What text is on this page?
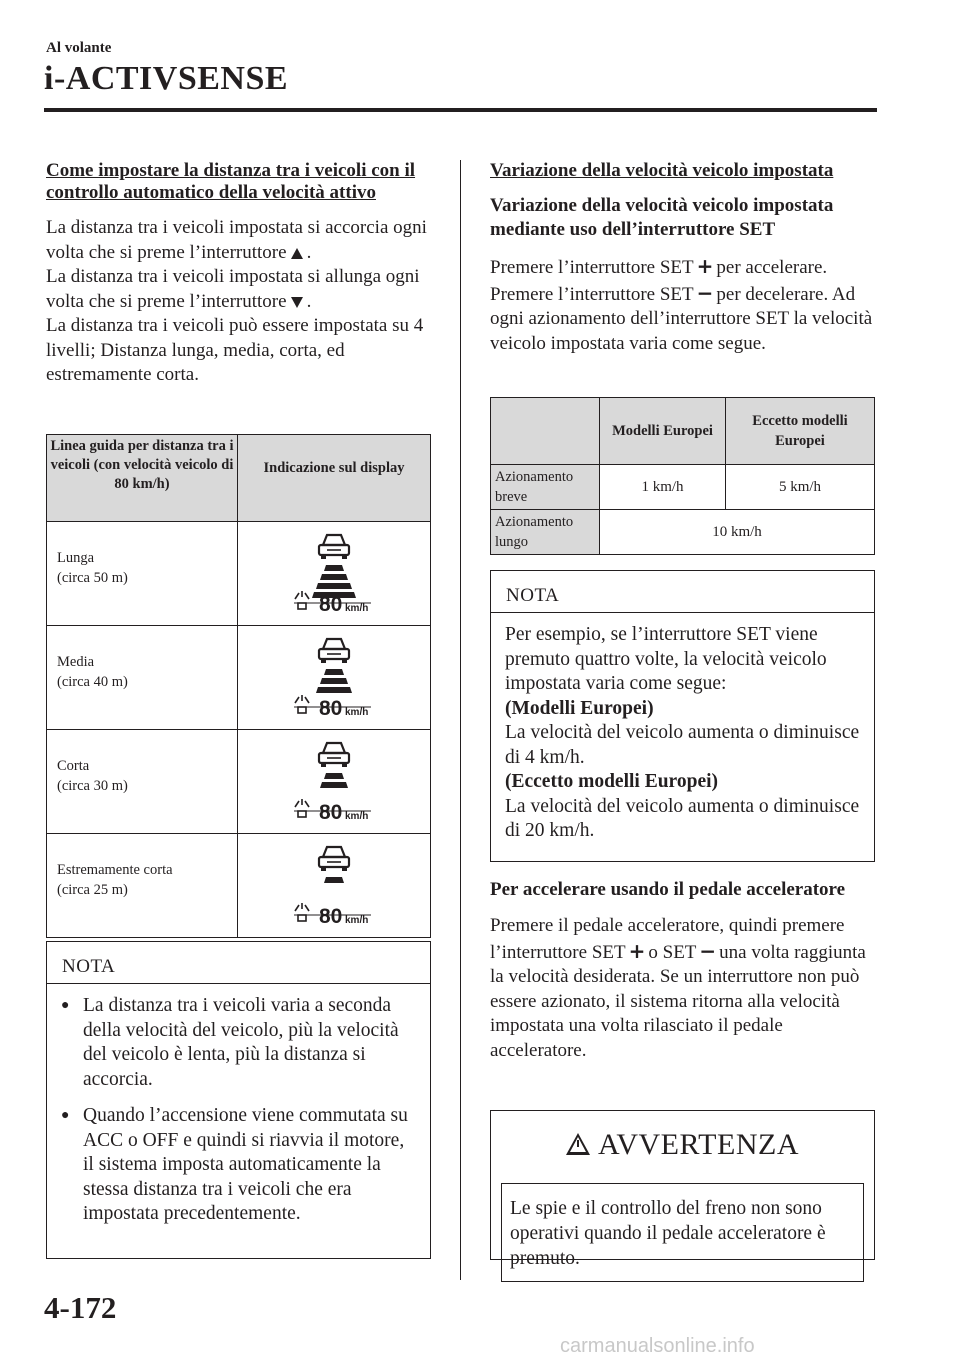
Al volante
i-ACTIVSENSE
Come impostare la distanza tra i veicoli con il controllo automatico della velocità attivo

La distanza tra i veicoli impostata si accorcia ogni volta che si preme l’interruttore .

La distanza tra i veicoli impostata si allunga ogni volta che si preme l’interruttore .

La distanza tra i veicoli può essere impostata su 4 livelli; Distanza lunga, media, corta, ed estremamente corta.

Linea guida per distanza tra i veicoli (con velocità veicolo di 80 km/h)	Indicazione sul display
Lunga
(circa 50 m)	80 km/h

Media
(circa 40 m)	80 km/h

Corta
(circa 30 m)	80 km/h

Estremamente corta
(circa 25 m)	80 km/h
NOTA
● La distanza tra i veicoli varia a seconda della velocità del veicolo, più la velocità del veicolo è lenta, più la distanza si accorcia.
● Quando l’accensione viene commutata su ACC o OFF e quindi si riavvia il motore, il sistema imposta automaticamente la stessa distanza tra i veicoli che era impostata precedentemente.
Variazione della velocità veicolo impostata
Variazione della velocità veicolo impostata mediante uso dell’interruttore SET

Premere l’interruttore SET + per accelerare. Premere l’interruttore SET − per decelerare. Ad ogni azionamento dell’interruttore SET la velocità veicolo impostata varia come segue.

	Modelli Europei	Eccetto modelli Europei
Azionamento breve	1 km/h	5 km/h
Azionamento lungo	10 km/h	
NOTA

Per esempio, se l’interruttore SET viene premuto quattro volte, la velocità veicolo impostata varia come segue:

(Modelli Europei)

La velocità del veicolo aumenta o diminuisce di 4 km/h.

(Eccetto modelli Europei)

La velocità del veicolo aumenta o diminuisce di 20 km/h.

Per accelerare usando il pedale acceleratore

Premere il pedale acceleratore, quindi premere l’interruttore SET + o SET − una volta raggiunta la velocità desiderata. Se un interruttore non può essere azionato, il sistema ritorna alla velocità impostata una volta rilasciato il pedale acceleratore.

AVVERTENZA
Le spie e il controllo del freno non sono operativi quando il pedale acceleratore è premuto.
4-172
carmanualsonline.info
